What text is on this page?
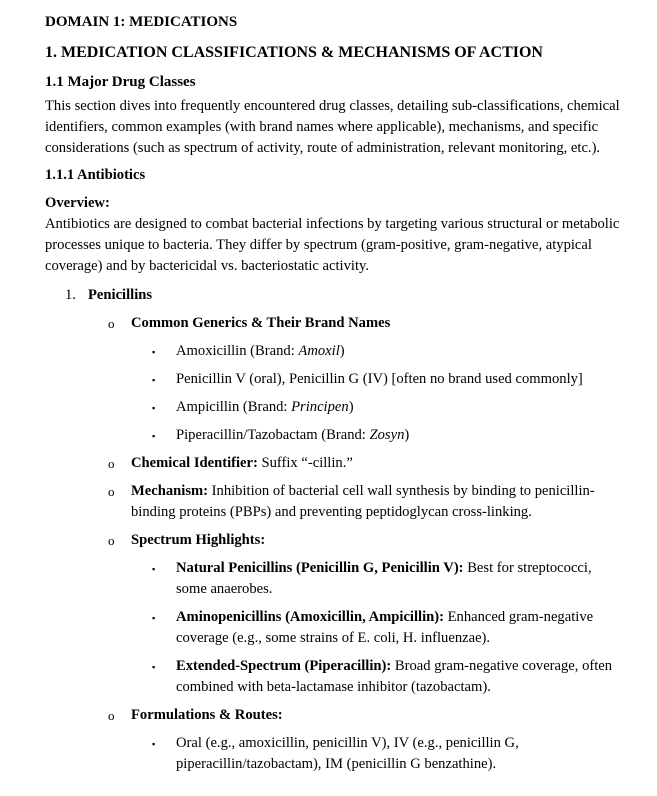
DOMAIN 1: MEDICATIONS
1. MEDICATION CLASSIFICATIONS & MECHANISMS OF ACTION
1.1 Major Drug Classes

This section dives into frequently encountered drug classes, detailing sub-classifications, chemical identifiers, common examples (with brand names where applicable), mechanisms, and specific considerations (such as spectrum of activity, route of administration, relevant monitoring, etc.).

1.1.1 Antibiotics

Overview:
Antibiotics are designed to combat bacterial infections by targeting various structural or metabolic processes unique to bacteria. They differ by spectrum (gram-positive, gram-negative, atypical coverage) and by bactericidal vs. bacteriostatic activity.

1. Penicillins
o Common Generics & Their Brand Names
▪ Amoxicillin (Brand: Amoxil)
▪ Penicillin V (oral), Penicillin G (IV) [often no brand used commonly]
▪ Ampicillin (Brand: Principen)
▪ Piperacillin/Tazobactam (Brand: Zosyn)
o Chemical Identifier: Suffix “-cillin.”
o Mechanism: Inhibition of bacterial cell wall synthesis by binding to penicillin-binding proteins (PBPs) and preventing peptidoglycan cross-linking.
o Spectrum Highlights:
▪ Natural Penicillins (Penicillin G, Penicillin V): Best for streptococci, some anaerobes.
▪ Aminopenicillins (Amoxicillin, Ampicillin): Enhanced gram-negative coverage (e.g., some strains of E. coli, H. influenzae).
▪ Extended-Spectrum (Piperacillin): Broad gram-negative coverage, often combined with beta-lactamase inhibitor (tazobactam).
o Formulations & Routes:
▪ Oral (e.g., amoxicillin, penicillin V), IV (e.g., penicillin G, piperacillin/tazobactam), IM (penicillin G benzathine).
